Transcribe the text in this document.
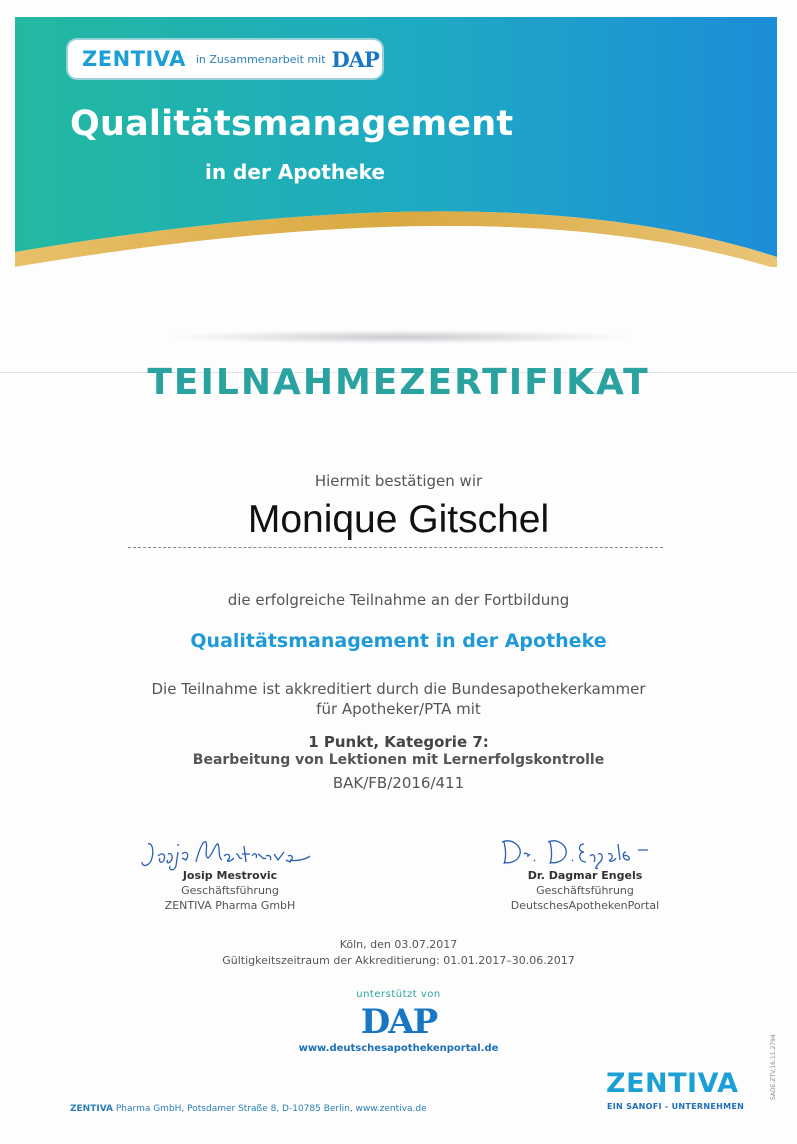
ZENTIVA in Zusammenarbeit mit DAP
Qualitätsmanagement
in der Apotheke
TEILNAHMEZERTIFIKAT
Hiermit bestätigen wir
Monique Gitschel
die erfolgreiche Teilnahme an der Fortbildung
Qualitätsmanagement in der Apotheke
Die Teilnahme ist akkreditiert durch die Bundesapothekerkammer
für Apotheker/PTA mit
1 Punkt, Kategorie 7:
Bearbeitung von Lektionen mit Lernerfolgskontrolle
BAK/FB/2016/411
Josip Mestrovic
Geschäftsführung
ZENTIVA Pharma GmbH
Dr. Dagmar Engels
Geschäftsführung
DeutschesApothekenPortal
Köln, den 03.07.2017
Gültigkeitszeitraum der Akkreditierung: 01.01.2017–30.06.2017
unterstützt von
DAP
www.deutschesapothekenportal.de
ZENTIVA Pharma GmbH, Potsdamer Straße 8, D-10785 Berlin, www.zentiva.de
ZENTIVA
EIN SANOFI - UNTERNEHMEN
SADE.ZTV.16.11.2794
